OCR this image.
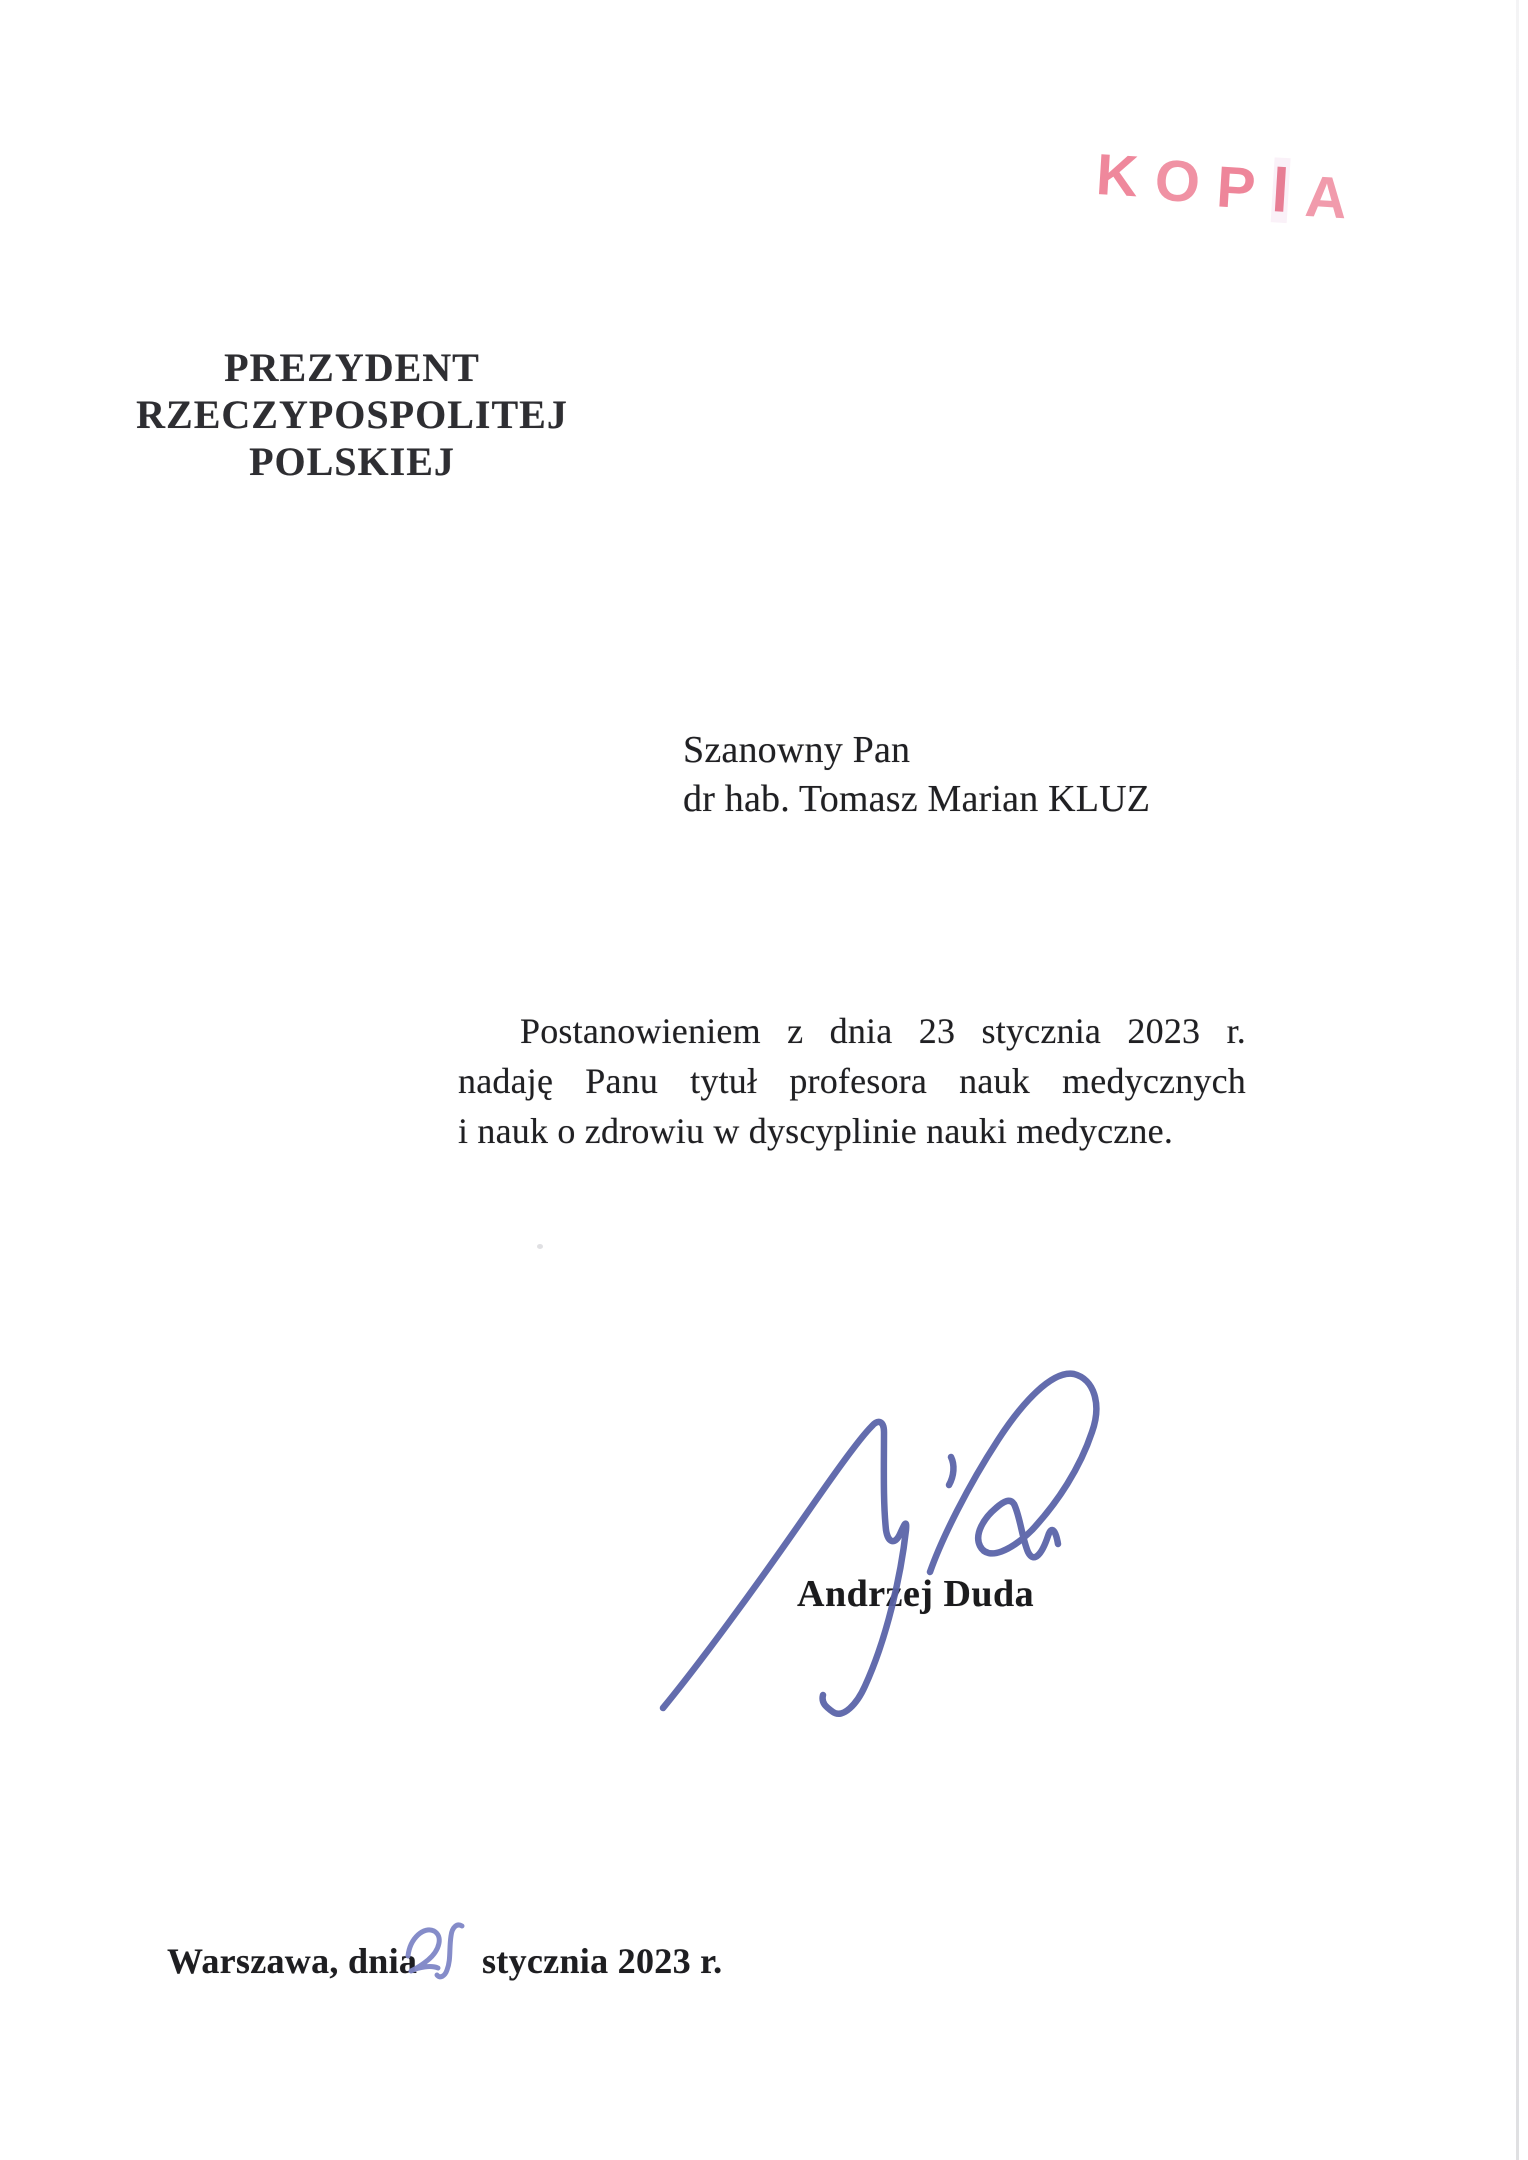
K O P I A
PREZYDENT
RZECZYPOSPOLITEJ POLSKIEJ
Szanowny Pan
dr hab. Tomasz Marian KLUZ
Postanowieniem z dnia 23 stycznia 2023 r.
nadaję Panu tytuł profesora nauk medycznych
i nauk o zdrowiu w dyscyplinie nauki medyczne.
Andrzej Duda
Warszawa, dnia stycznia 2023 r.
